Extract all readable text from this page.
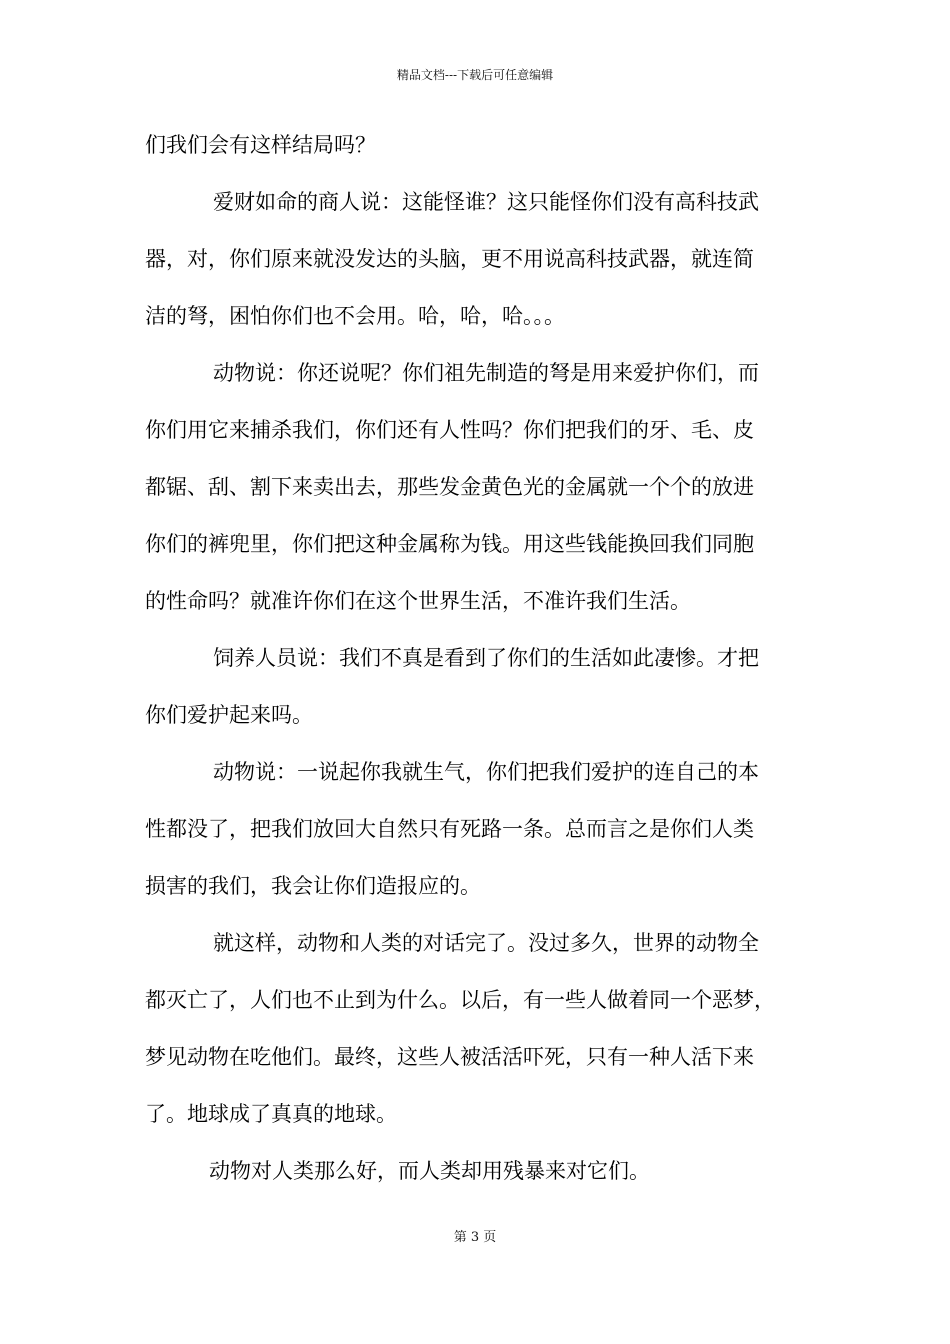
精品文档---下载后可任意编辑
们我们会有这样结局吗？
爱财如命的商人说：这能怪谁？这只能怪你们没有高科技武
器，对，你们原来就没发达的头脑，更不用说高科技武器，就连简
洁的弩，困怕你们也不会用。哈，哈，哈。。。
动物说：你还说呢？你们祖先制造的弩是用来爱护你们，而
你们用它来捕杀我们，你们还有人性吗？你们把我们的牙、毛、皮
都锯、刮、割下来卖出去，那些发金黄色光的金属就一个个的放进
你们的裤兜里，你们把这种金属称为钱。用这些钱能换回我们同胞
的性命吗？就准许你们在这个世界生活，不准许我们生活。
饲养人员说：我们不真是看到了你们的生活如此凄惨。才把
你们爱护起来吗。
动物说：一说起你我就生气，你们把我们爱护的连自己的本
性都没了，把我们放回大自然只有死路一条。总而言之是你们人类
损害的我们，我会让你们造报应的。
就这样，动物和人类的对话完了。没过多久，世界的动物全
都灭亡了，人们也不止到为什么。以后，有一些人做着同一个恶梦，
梦见动物在吃他们。最终，这些人被活活吓死，只有一种人活下来
了。地球成了真真的地球。
动物对人类那么好，而人类却用残暴来对它们。
第 3 页
